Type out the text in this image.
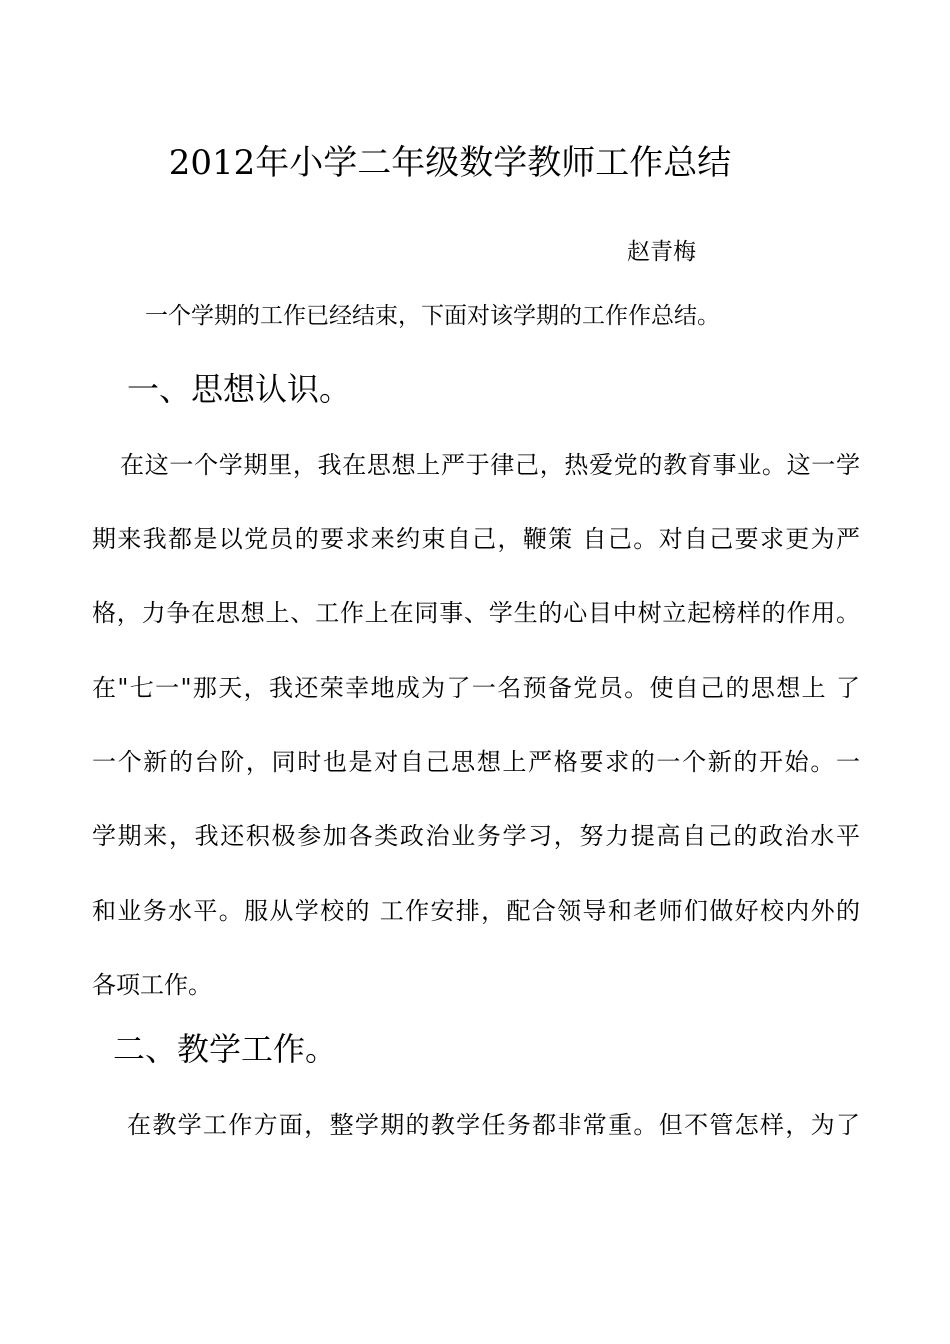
2012年小学二年级数学教师工作总结
赵青梅
一个学期的工作已经结束，下面对该学期的工作作总结。
一、思想认识。
在这一个学期里，我在思想上严于律己，热爱党的教育事业。这一学
期来我都是以党员的要求来约束自己，鞭策 自己。对自己要求更为严
格，力争在思想上、工作上在同事、学生的心目中树立起榜样的作用。
在"七一"那天，我还荣幸地成为了一名预备党员。使自己的思想上 了
一个新的台阶，同时也是对自己思想上严格要求的一个新的开始。一
学期来，我还积极参加各类政治业务学习，努力提高自己的政治水平
和业务水平。服从学校的 工作安排，配合领导和老师们做好校内外的
各项工作。
二、教学工作。
在教学工作方面，整学期的教学任务都非常重。但不管怎样，为了
